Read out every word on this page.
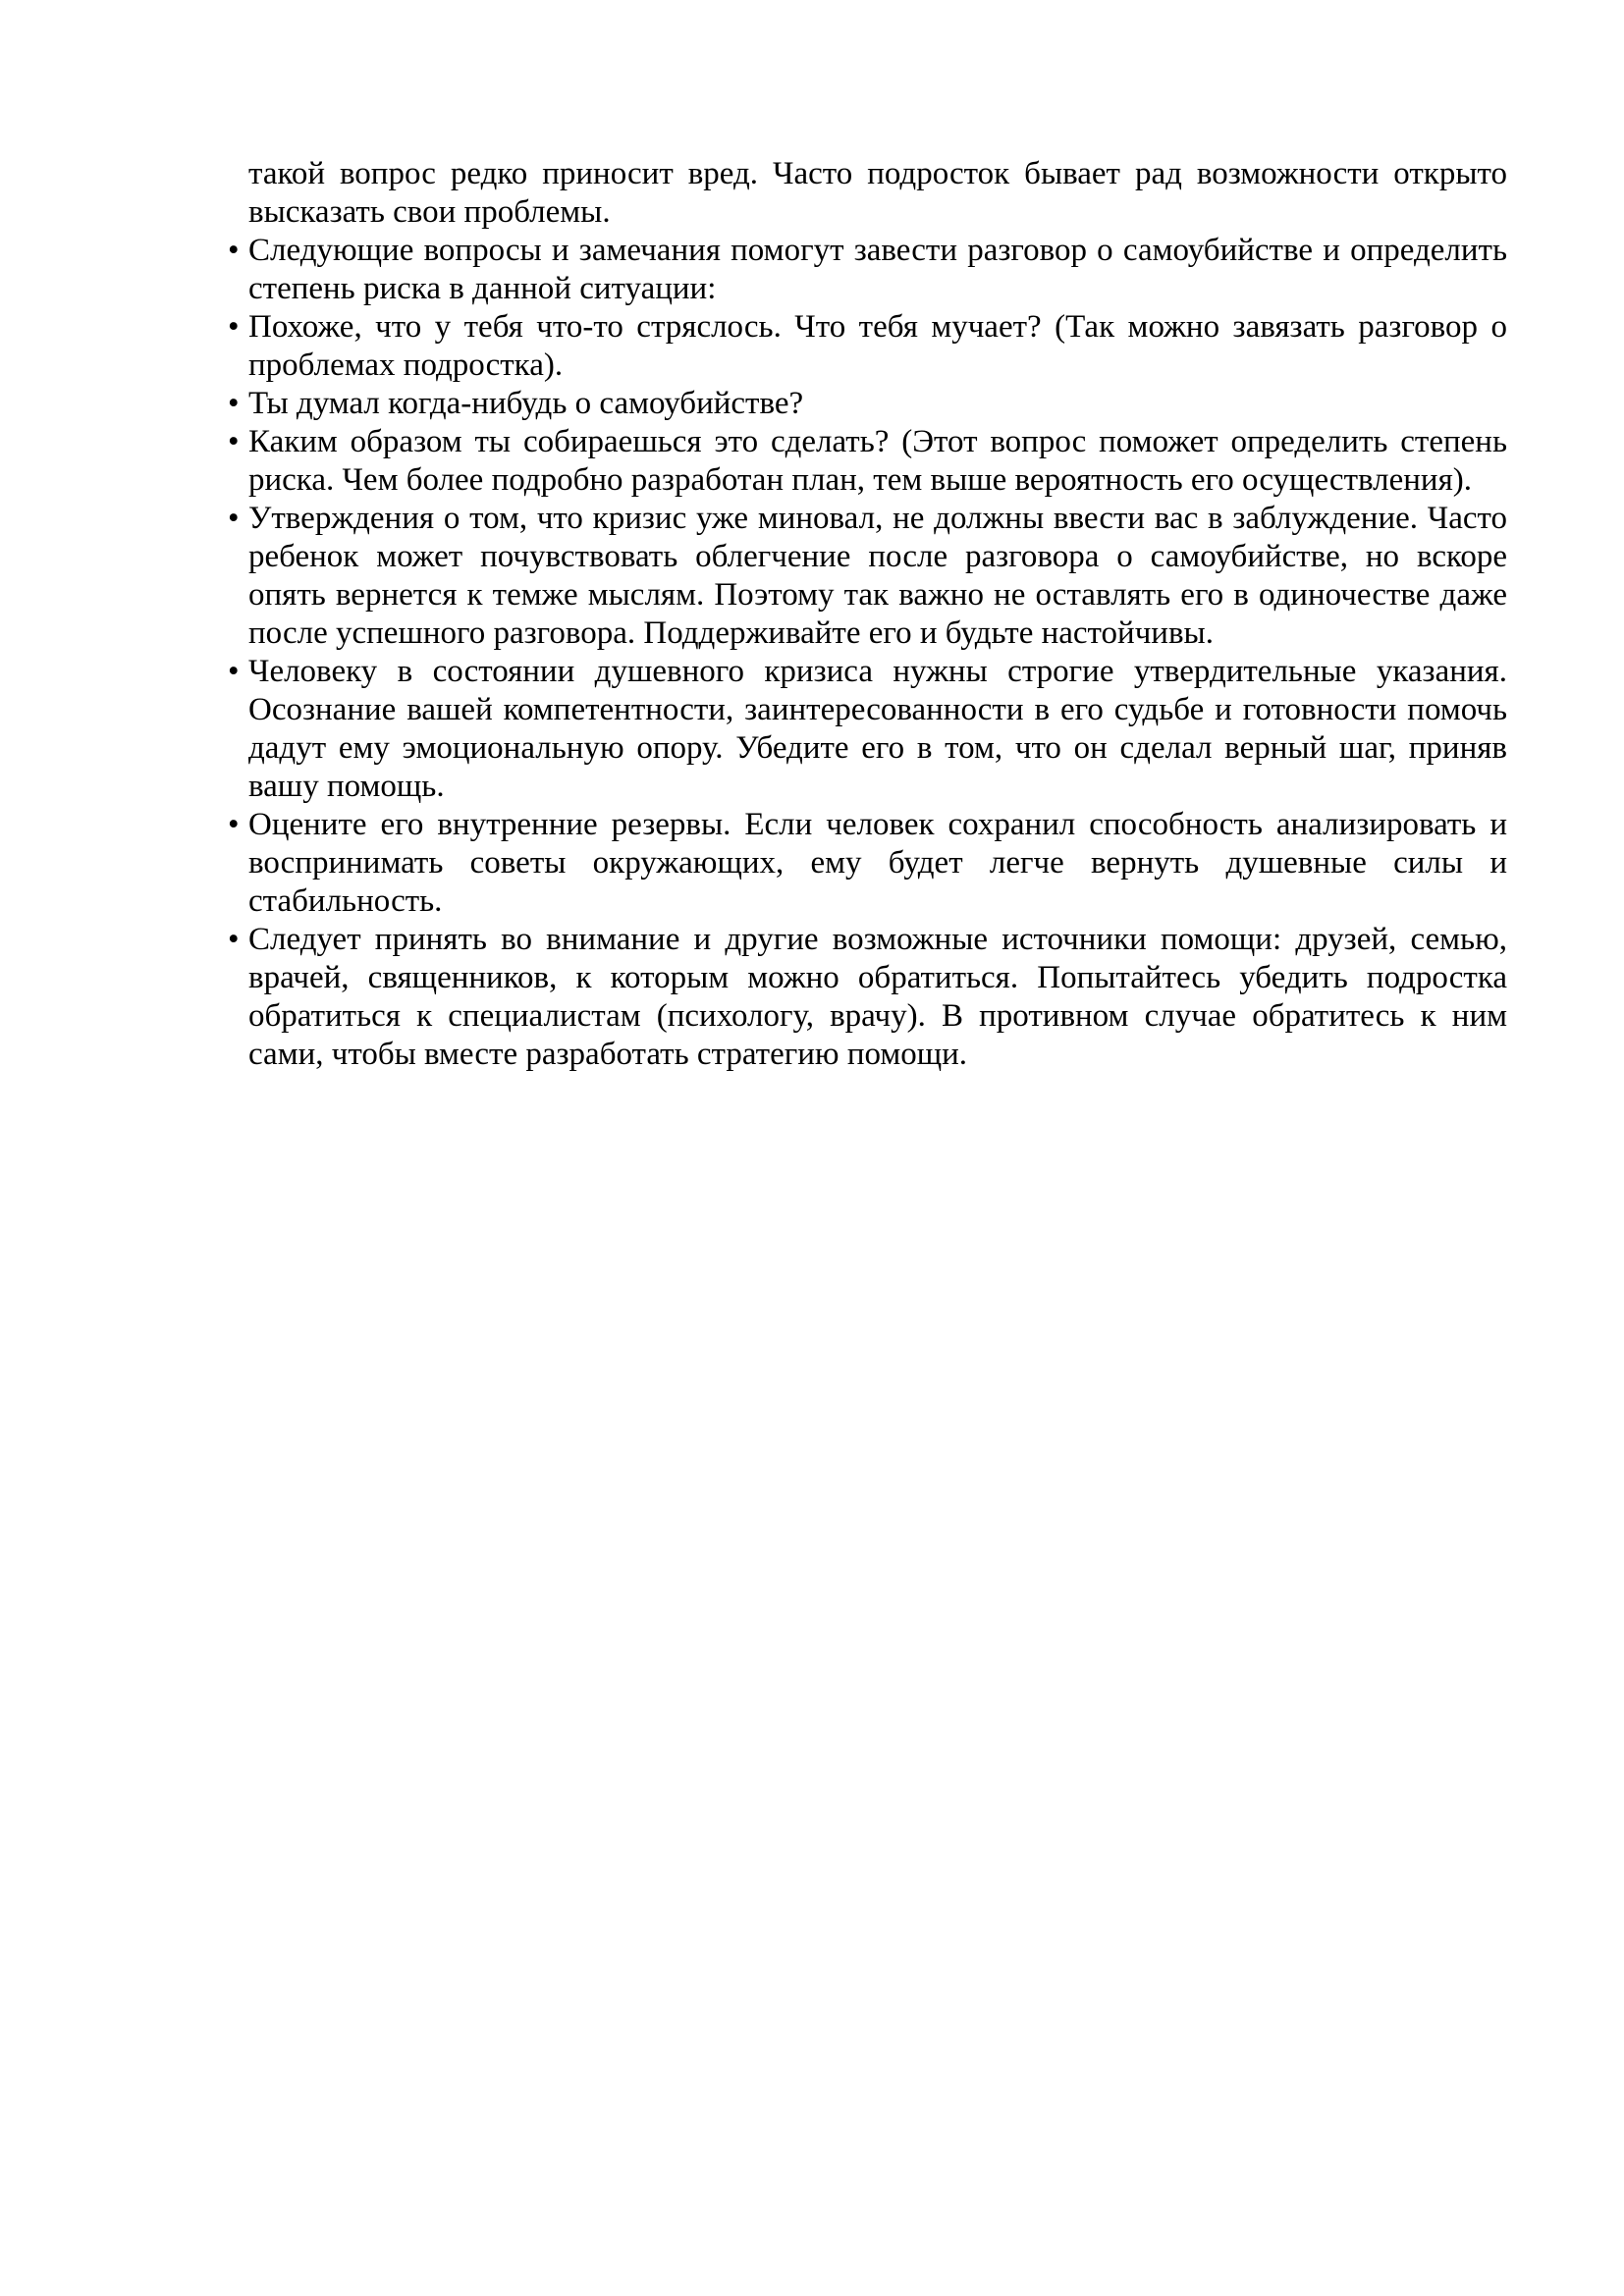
такой вопрос редко приносит вред. Часто подросток бывает рад возможности открыто высказать свои проблемы.

• Следующие вопросы и замечания помогут завести разговор о самоубийстве и определить степень риска в данной ситуации:
• Похоже, что у тебя что-то стряслось. Что тебя мучает? (Так можно завязать разговор о проблемах подростка).
• Ты думал когда-нибудь о самоубийстве?
• Каким образом ты собираешься это сделать? (Этот вопрос поможет определить степень риска. Чем более подробно разработан план, тем выше вероятность его осуществления).
• Утверждения о том, что кризис уже миновал, не должны ввести вас в заблуждение. Часто ребенок может почувствовать облегчение после разговора о самоубийстве, но вскоре опять вернется к темже мыслям. Поэтому так важно не оставлять его в одиночестве даже после успешного разговора. Поддерживайте его и будьте настойчивы.
• Человеку в состоянии душевного кризиса нужны строгие утвердительные указания. Осознание вашей компетентности, заинтересованности в его судьбе и готовности помочь дадут ему эмоциональную опору. Убедите его в том, что он сделал верный шаг, приняв вашу помощь.
• Оцените его внутренние резервы. Если человек сохранил способность анализировать и воспринимать советы окружающих, ему будет легче вернуть душевные силы и стабильность.
• Следует принять во внимание и другие возможные источники помощи: друзей, семью, врачей, священников, к которым можно обратиться. Попытайтесь убедить подростка обратиться к специалистам (психологу, врачу). В противном случае обратитесь к ним сами, чтобы вместе разработать стратегию помощи.
